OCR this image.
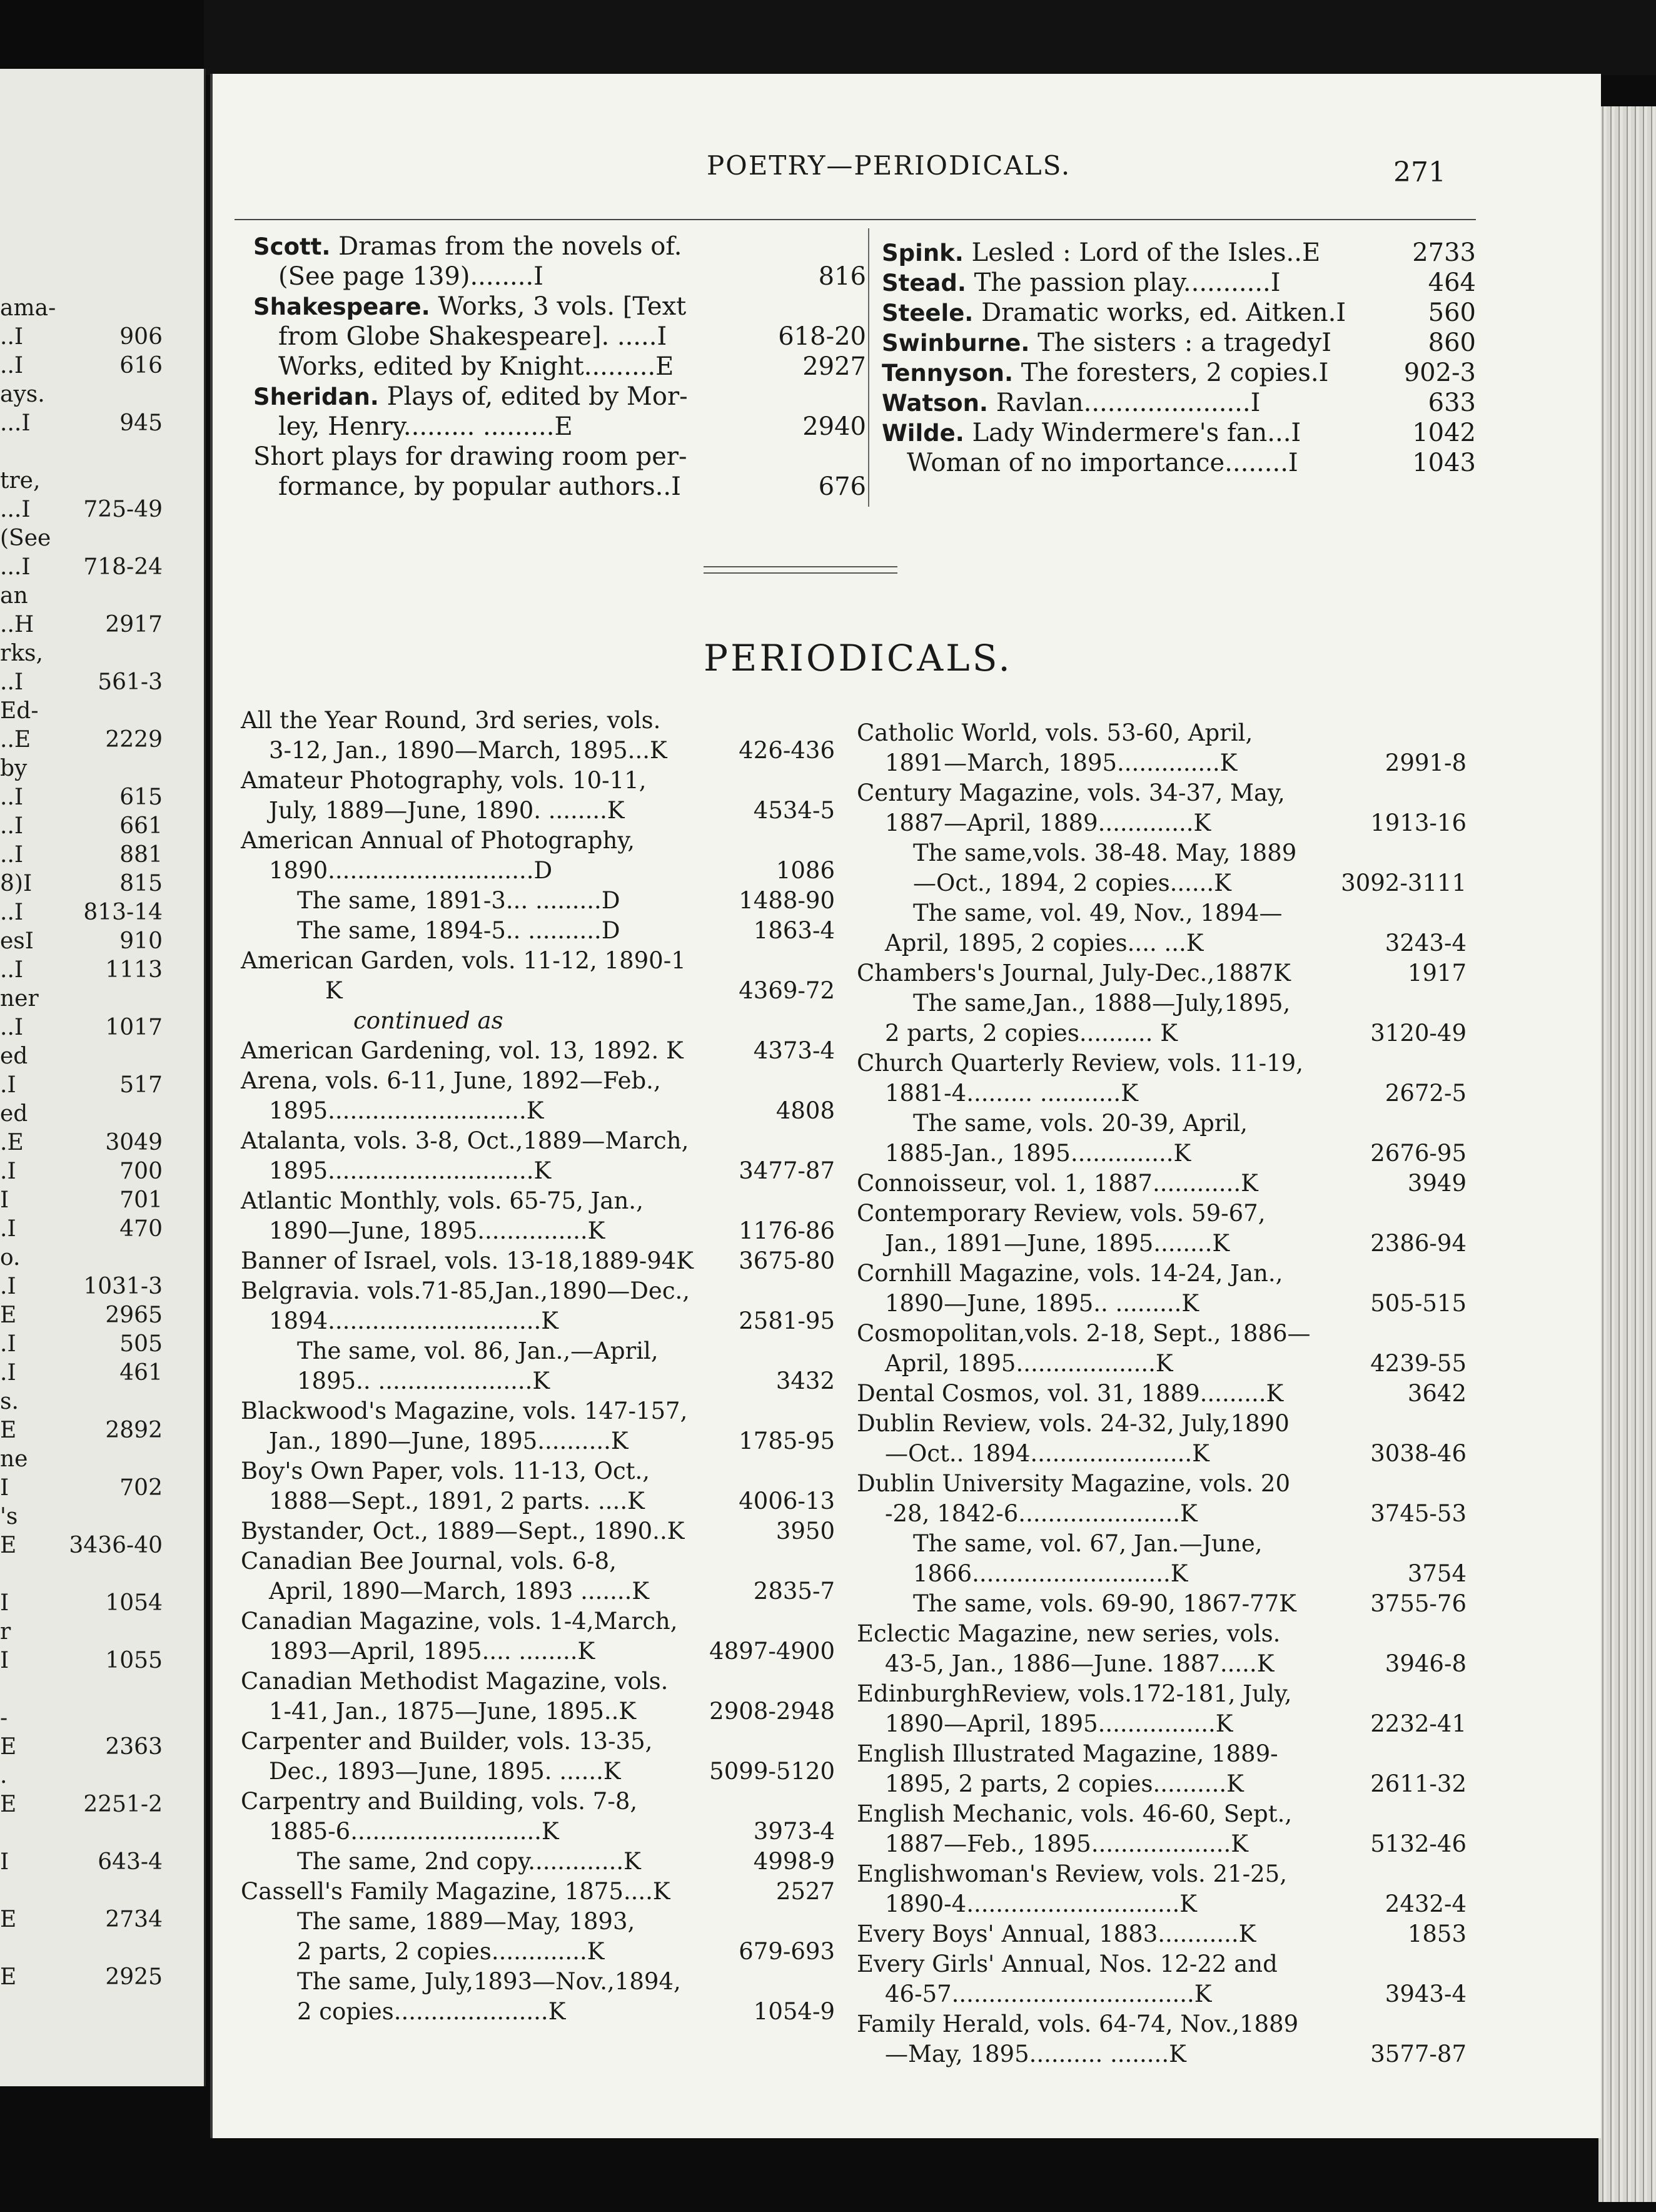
ama-
..I	906
..I	616
ays.
...I	945
tre,
...I 725-49
(See
...I 718-24
an
..H	2917
rks,
..I	561-3
Ed-
..E	2229
by
..I	615
..I	661
..I	881
8)I	815
..I	813-14
esI	910
..I	1113
ner
..I	1017
ed
.I	517
ed
.E	3049
.I	700
I	701
.I	470
o.
.I	1031-3
E	2965
.I	505
.I	461
s.
E	2892
ne
I	702
's
E 3436-40
I	1054
r
I	1055
-
E	2363
.
E	2251-2
I	643-4
E	2734
E	2925
POETRY—PERIODICALS.	271
Scott. Dramas from the novels of.
(See page 139)........I	816
Shakespeare. Works, 3 vols. [Text
from Globe Shakespeare]. .....I	618-20
Works, edited by Knight.........E	2927
Sheridan. Plays of, edited by Mor-
ley, Henry......... .........E	2940
Short plays for drawing room per-
formance, by popular authors..I	676
Spink. Lesled : Lord of the Isles..E	2733
Stead. The passion play...........I	464
Steele. Dramatic works, ed. Aitken.I	560
Swinburne. The sisters : a tragedyI	860
Tennyson. The foresters, 2 copies.I	902-3
Watson. Ravlan.....................I	633
Wilde. Lady Windermere's fan...I	1042
Woman of no importance........I	1043
PERIODICALS.
All the Year Round, 3rd series, vols.
3-12, Jan., 1890—March, 1895...K	426-436
Amateur Photography, vols. 10-11,
July, 1889—June, 1890. ........K	4534-5
American Annual of Photography,
1890............................D	1086
The same, 1891-3... .........D	1488-90
The same, 1894-5.. ..........D	1863-4
American Garden, vols. 11-12, 1890-1
K	4369-72
continued as
American Gardening, vol. 13, 1892. K	4373-4
Arena, vols. 6-11, June, 1892—Feb.,
1895...........................K	4808
Atalanta, vols. 3-8, Oct.,1889—March,
1895............................K	3477-87
Atlantic Monthly, vols. 65-75, Jan.,
1890—June, 1895...............K	1176-86
Banner of Israel, vols. 13-18,1889-94K 3675-80
Belgravia. vols.71-85,Jan.,1890—Dec.,
1894.............................K	2581-95
The same, vol. 86, Jan.,—April,
1895.. .....................K	3432
Blackwood's Magazine, vols. 147-157,
Jan., 1890—June, 1895..........K	1785-95
Boy's Own Paper, vols. 11-13, Oct.,
1888—Sept., 1891, 2 parts. ....K	4006-13
Bystander, Oct., 1889—Sept., 1890..K	3950
Canadian Bee Journal, vols. 6-8,
April, 1890—March, 1893 .......K	2835-7
Canadian Magazine, vols. 1-4,March,
1893—April, 1895.... ........K	4897-4900
Canadian Methodist Magazine, vols.
1-41, Jan., 1875—June, 1895..K	2908-2948
Carpenter and Builder, vols. 13-35,
Dec., 1893—June, 1895. ......K	5099-5120
Carpentry and Building, vols. 7-8,
1885-6..........................K	3973-4
The same, 2nd copy.............K	4998-9
Cassell's Family Magazine, 1875....K	2527
The same, 1889—May, 1893,
2 parts, 2 copies.............K	679-693
The same, July,1893—Nov.,1894,
2 copies.....................K	1054-9
Catholic World, vols. 53-60, April,
1891—March, 1895..............K	2991-8
Century Magazine, vols. 34-37, May,
1887—April, 1889.............K	1913-16
The same,vols. 38-48. May, 1889
—Oct., 1894, 2 copies......K	3092-3111
The same, vol. 49, Nov., 1894—
April, 1895, 2 copies.... ...K	3243-4
Chambers's Journal, July-Dec.,1887K	1917
The same,Jan., 1888—July,1895,
2 parts, 2 copies.......... K	3120-49
Church Quarterly Review, vols. 11-19,
1881-4......... ...........K	2672-5
The same, vols. 20-39, April,
1885-Jan., 1895..............K	2676-95
Connoisseur, vol. 1, 1887............K	3949
Contemporary Review, vols. 59-67,
Jan., 1891—June, 1895........K	2386-94
Cornhill Magazine, vols. 14-24, Jan.,
1890—June, 1895.. .........K	505-515
Cosmopolitan,vols. 2-18, Sept., 1886—
April, 1895...................K	4239-55
Dental Cosmos, vol. 31, 1889.........K	3642
Dublin Review, vols. 24-32, July,1890
—Oct.. 1894......................K	3038-46
Dublin University Magazine, vols. 20
-28, 1842-6......................K	3745-53
The same, vol. 67, Jan.—June,
1866...........................K	3754
The same, vols. 69-90, 1867-77K	3755-76
Eclectic Magazine, new series, vols.
43-5, Jan., 1886—June. 1887.....K	3946-8
EdinburghReview, vols.172-181, July,
1890—April, 1895................K	2232-41
English Illustrated Magazine, 1889-
1895, 2 parts, 2 copies..........K	2611-32
English Mechanic, vols. 46-60, Sept.,
1887—Feb., 1895...................K	5132-46
Englishwoman's Review, vols. 21-25,
1890-4.............................K	2432-4
Every Boys' Annual, 1883...........K	1853
Every Girls' Annual, Nos. 12-22 and
46-57.................................K	3943-4
Family Herald, vols. 64-74, Nov.,1889
—May, 1895.......... ........K	3577-87
